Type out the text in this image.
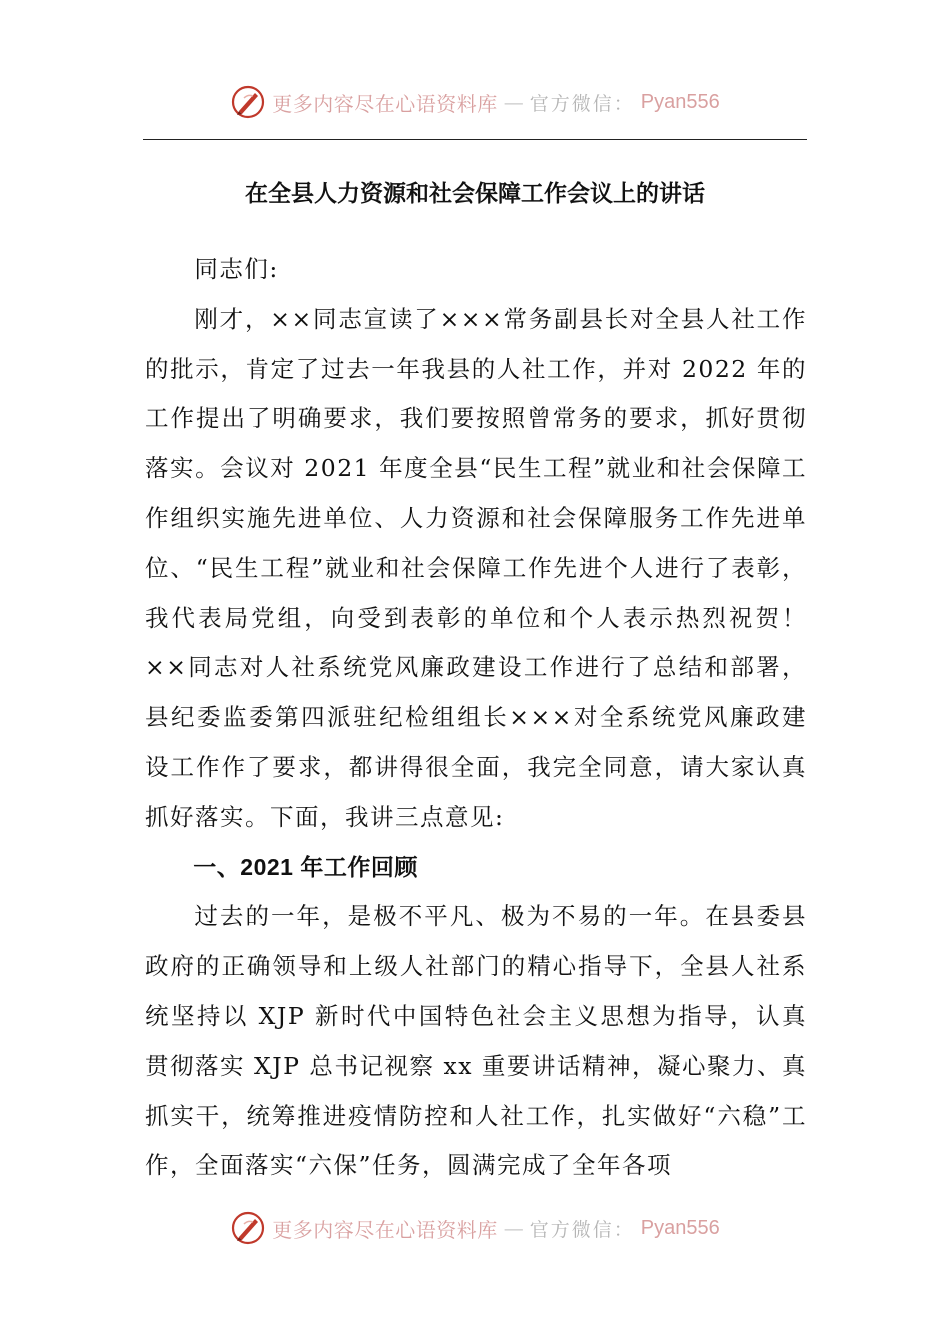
更多内容尽在心语资料库 — 官方微信： Pyan556
在全县人力资源和社会保障工作会议上的讲话

同志们:

刚才，××同志宣读了×××常务副县长对全县人社工作的批示，肯定了过去一年我县的人社工作，并对 2022 年的工作提出了明确要求，我们要按照曾常务的要求，抓好贯彻落实。会议对 2021 年度全县“民生工程”就业和社会保障工作组织实施先进单位、人力资源和社会保障服务工作先进单位、“民生工程”就业和社会保障工作先进个人进行了表彰，我代表局党组，向受到表彰的单位和个人表示热烈祝贺！××同志对人社系统党风廉政建设工作进行了总结和部署，县纪委监委第四派驻纪检组组长×××对全系统党风廉政建设工作作了要求，都讲得很全面，我完全同意，请大家认真抓好落实。下面，我讲三点意见:

一、2021 年工作回顾

过去的一年，是极不平凡、极为不易的一年。在县委县政府的正确领导和上级人社部门的精心指导下，全县人社系统坚持以 XJP 新时代中国特色社会主义思想为指导，认真贯彻落实 XJP 总书记视察 xx 重要讲话精神，凝心聚力、真抓实干，统筹推进疫情防控和人社工作，扎实做好“六稳”工作，全面落实“六保”任务，圆满完成了全年各项

更多内容尽在心语资料库 — 官方微信： Pyan556
